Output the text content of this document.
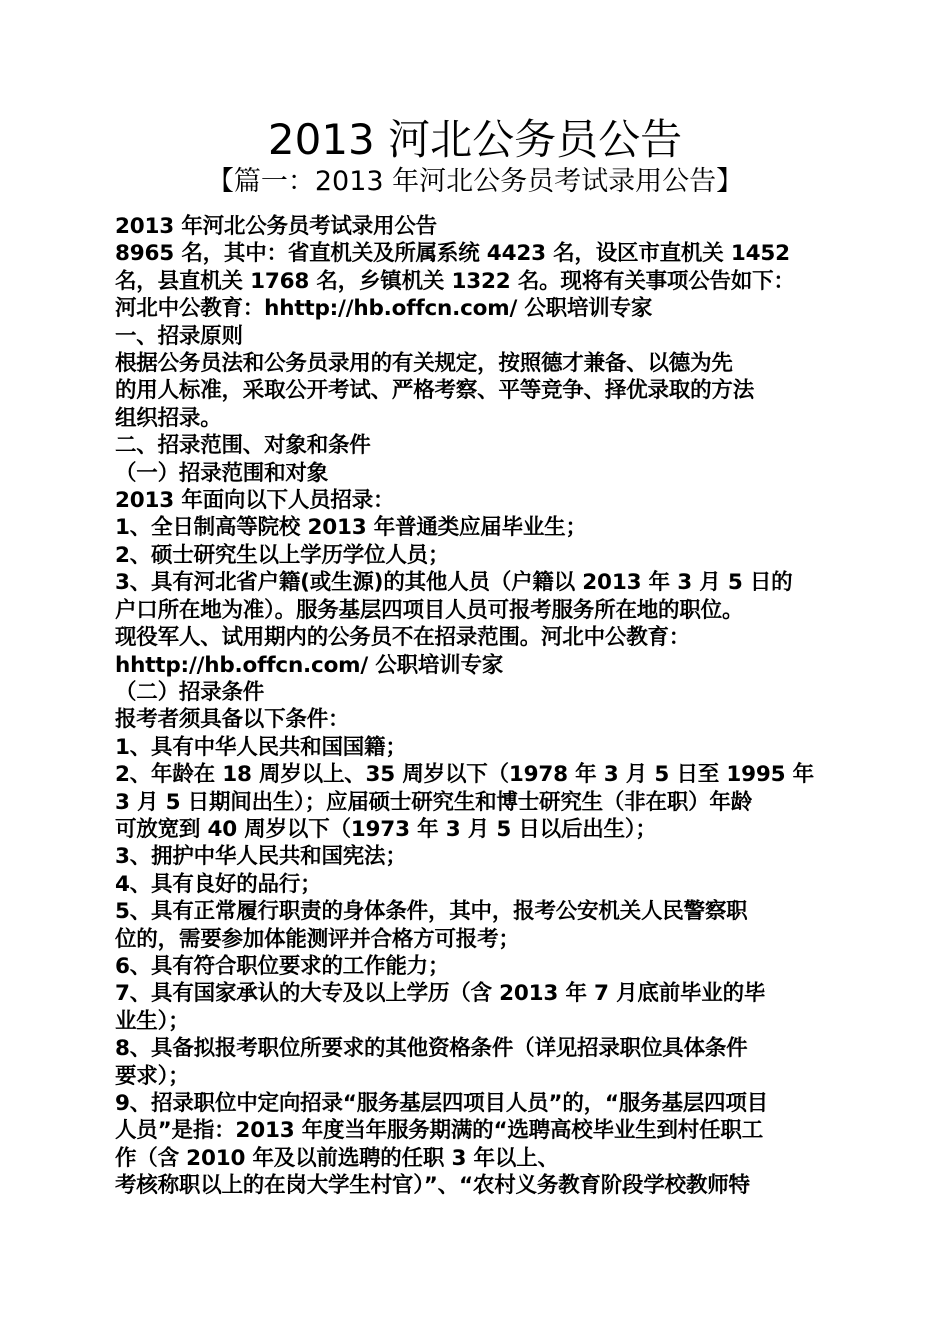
2013 河北公务员公告
【篇一：2013 年河北公务员考试录用公告】
2013 年河北公务员考试录用公告
8965 名，其中：省直机关及所属系统 4423 名，设区市直机关 1452
名，县直机关 1768 名，乡镇机关 1322 名。现将有关事项公告如下：
河北中公教育：hhttp://hb.offcn.com/ 公职培训专家
一、招录原则
根据公务员法和公务员录用的有关规定，按照德才兼备、以德为先
的用人标准，采取公开考试、严格考察、平等竞争、择优录取的方法
组织招录。
二、招录范围、对象和条件
（一）招录范围和对象
2013 年面向以下人员招录：
1、全日制高等院校 2013 年普通类应届毕业生；
2、硕士研究生以上学历学位人员；
3、具有河北省户籍(或生源)的其他人员（户籍以 2013 年 3 月 5 日的
户口所在地为准）。服务基层四项目人员可报考服务所在地的职位。
现役军人、试用期内的公务员不在招录范围。河北中公教育：
hhttp://hb.offcn.com/ 公职培训专家
（二）招录条件
报考者须具备以下条件：
1、具有中华人民共和国国籍；
2、年龄在 18 周岁以上、35 周岁以下（1978 年 3 月 5 日至 1995 年
3 月 5 日期间出生）；应届硕士研究生和博士研究生（非在职）年龄
可放宽到 40 周岁以下（1973 年 3 月 5 日以后出生）；
3、拥护中华人民共和国宪法；
4、具有良好的品行；
5、具有正常履行职责的身体条件，其中，报考公安机关人民警察职
位的，需要参加体能测评并合格方可报考；
6、具有符合职位要求的工作能力；
7、具有国家承认的大专及以上学历（含 2013 年 7 月底前毕业的毕
业生）；
8、具备拟报考职位所要求的其他资格条件（详见招录职位具体条件
要求）；
9、招录职位中定向招录“服务基层四项目人员”的，“服务基层四项目
人员”是指：2013 年度当年服务期满的“选聘高校毕业生到村任职工
作（含 2010 年及以前选聘的任职 3 年以上、
考核称职以上的在岗大学生村官）”、“农村义务教育阶段学校教师特
